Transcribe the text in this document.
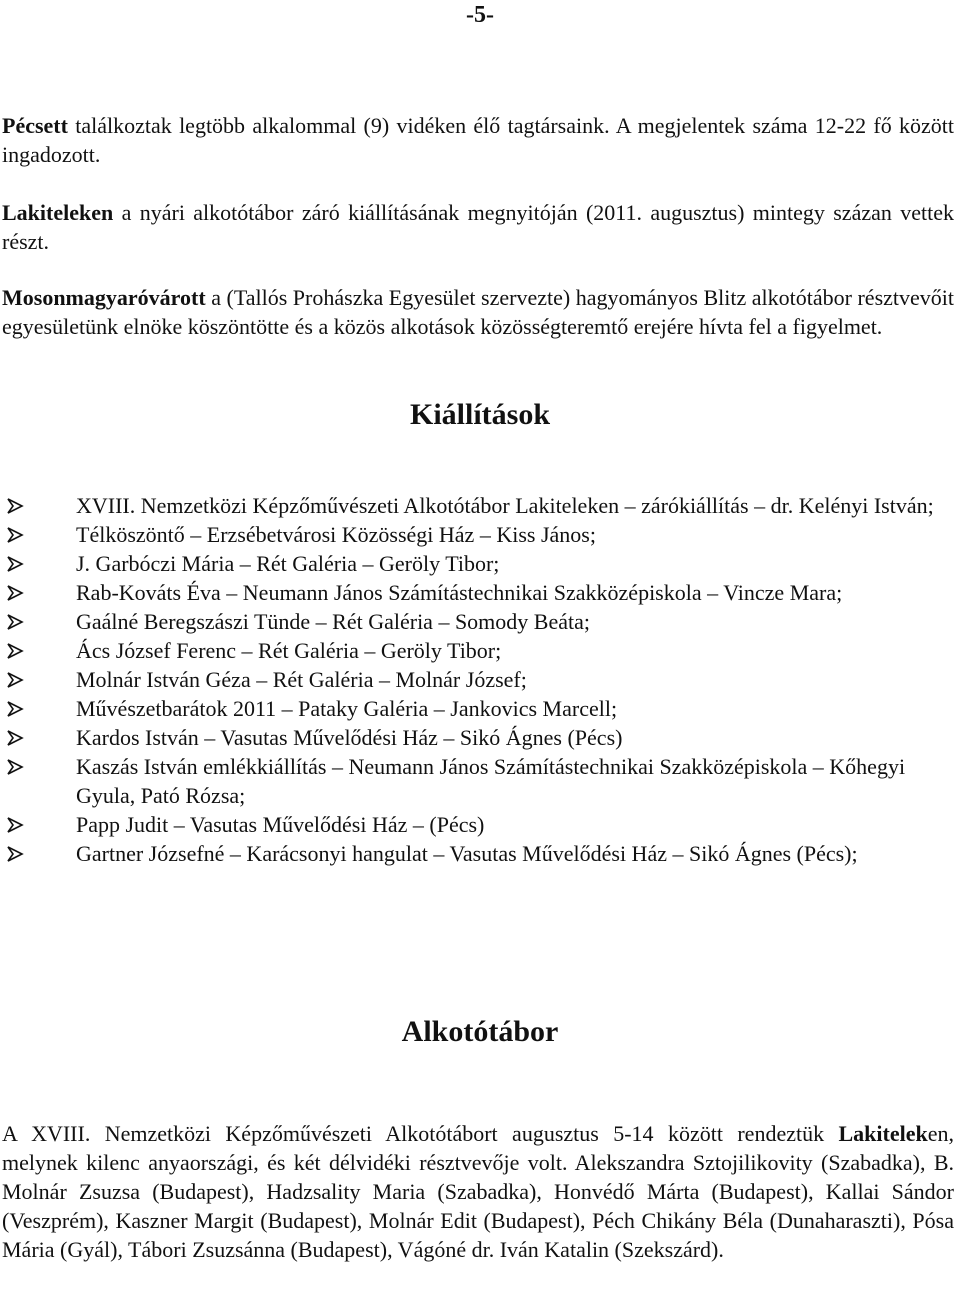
-5-

Pécsett találkoztak legtöbb alkalommal (9) vidéken élő tagtársaink. A megjelentek száma 12-22 fő között ingadozott.

Lakiteleken a nyári alkotótábor záró kiállításának megnyitóján (2011. augusztus) mintegy százan vettek részt.

Mosonmagyaróvárott a (Tallós Prohászka Egyesület szervezte) hagyományos Blitz alkotótábor résztvevőit egyesületünk elnöke köszöntötte és a közös alkotások közösségteremtő erejére hívta fel a figyelmet.

Kiállítások
XVIII. Nemzetközi Képzőművészeti Alkotótábor Lakiteleken – zárókiállítás – dr. Kelényi István;
Télköszöntő – Erzsébetvárosi Közösségi Ház – Kiss János;
J. Garbóczi Mária – Rét Galéria – Geröly Tibor;
Rab-Kováts Éva – Neumann János Számítástechnikai Szakközépiskola – Vincze Mara;
Gaálné Beregszászi Tünde – Rét Galéria – Somody Beáta;
Ács József Ferenc – Rét Galéria – Geröly Tibor;
Molnár István Géza – Rét Galéria – Molnár József;
Művészetbarátok 2011 – Pataky Galéria – Jankovics Marcell;
Kardos István – Vasutas Művelődési Ház – Sikó Ágnes (Pécs)
Kaszás István emlékkiállítás – Neumann János Számítástechnikai Szakközépiskola – Kőhegyi Gyula, Pató Rózsa;
Papp Judit – Vasutas Művelődési Ház – (Pécs)
Gartner Józsefné – Karácsonyi hangulat – Vasutas Művelődési Ház – Sikó Ágnes (Pécs);
Alkotótábor

A XVIII. Nemzetközi Képzőművészeti Alkotótábort augusztus 5-14 között rendeztük Lakiteleken, melynek kilenc anyaországi, és két délvidéki résztvevője volt. Alekszandra Sztojilikovity (Szabadka), B. Molnár Zsuzsa (Budapest), Hadzsality Maria (Szabadka), Honvédő Márta (Budapest), Kallai Sándor (Veszprém), Kaszner Margit (Budapest), Molnár Edit (Budapest), Péch Chikány Béla (Dunaharaszti), Pósa Mária (Gyál), Tábori Zsuzsánna (Budapest), Vágóné dr. Iván Katalin (Szekszárd).
